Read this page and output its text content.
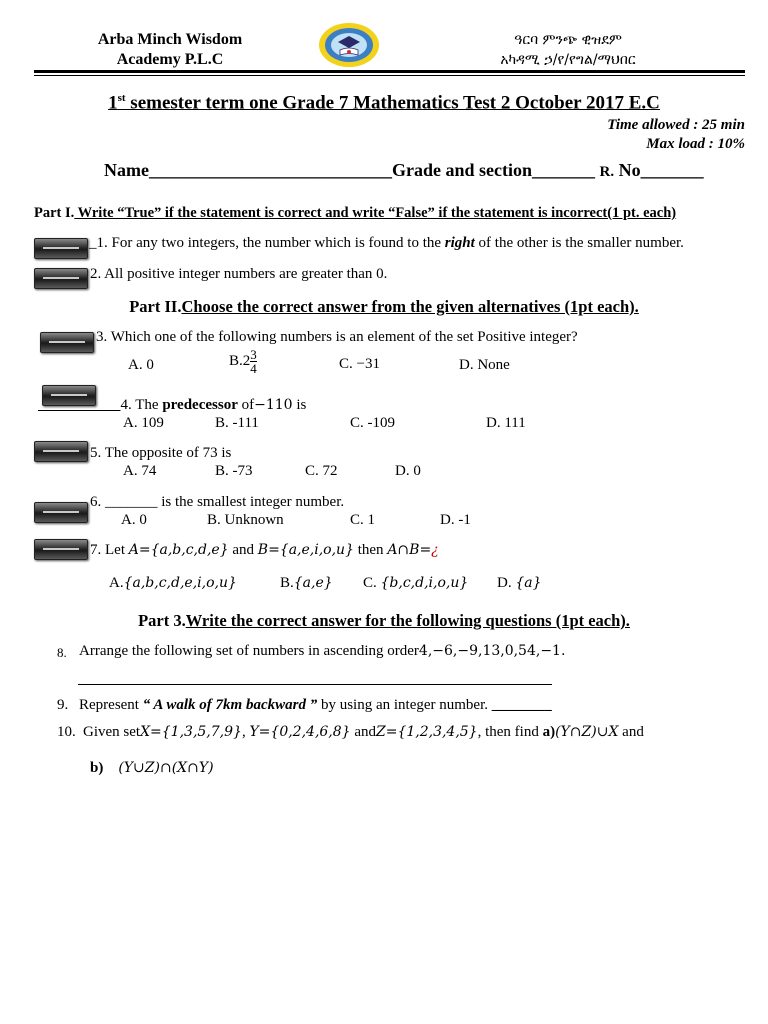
Arba Minch Wisdom
Academy P.L.C
ዓርባ ምንጭ ዊዝደም
አካዳሚ ኃ/የ/የግል/ማህበር
1st semester term one Grade 7 Mathematics Test 2 October 2017 E.C
Time allowed : 25 min
Max load : 10%
Name___________________________Grade and section_______ R. No_______
Part I. Write “True” if the statement is correct and write “False” if the statement is incorrect(1 pt. each)
_1. For any two integers, the number which is found to the right of the other is the smaller number.
2. All positive integer numbers are greater than 0.
Part II.Choose the correct answer from the given alternatives (1pt each).
3. Which one of the following numbers is an element of the set Positive integer?
A. 0	$B.2 \frac{3}{4}$	C. −31	D. None
4. The predecessor of−110 is
A. 109	B. -111	C. -109	D. 111
5. The opposite of 73 is
A. 74	B. -73	C. 72	D. 0
6. _______ is the smallest integer number.
A. 0	B. Unknown	C. 1	D. -1
7. Let A={a,b,c,d,e} and B={a,e,i,o,u} then A∩B=¿
A.{a,b,c,d,e,i,o,u}	B.{a,e} C. {b,c,d,i,o,u} D. {a}
Part 3.Write the correct answer for the following questions (1pt each).
8. Arrange the following set of numbers in ascending order4,−6,−9,13,0,54,−1.
9. Represent “ A walk of 7km backward ” by using an integer number. ________
10. Given setX={1,3,5,7,9}, Y={0,2,4,6,8} andZ={1,2,3,4,5}, then find a)(Y∩Z)∪X and
b) (Y∪Z)∩(X∩Y)
